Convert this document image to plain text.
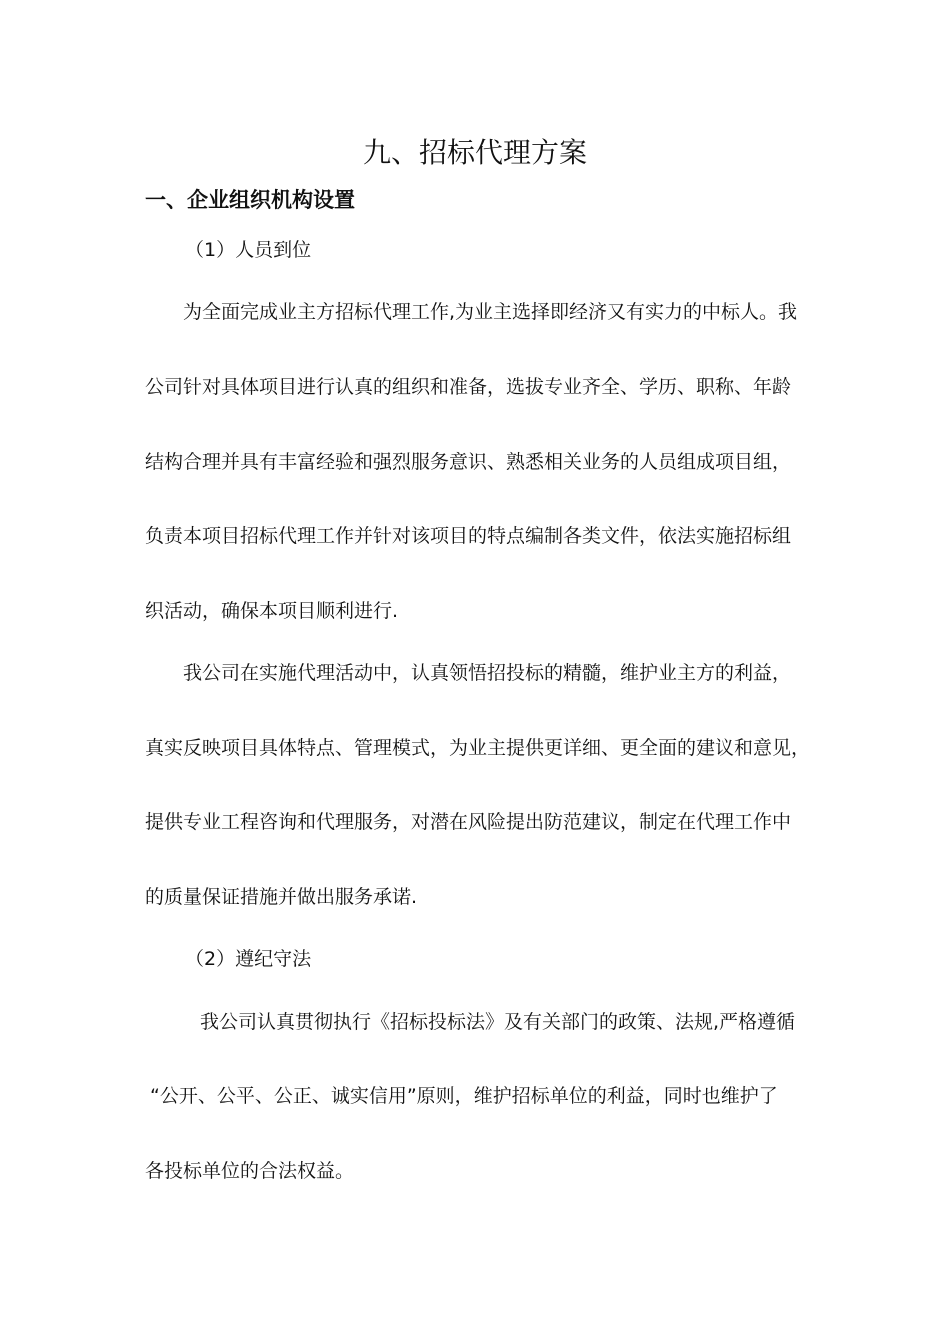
九、招标代理方案
一、企业组织机构设置
（1）人员到位
为全面完成业主方招标代理工作,为业主选择即经济又有实力的中标人。我
公司针对具体项目进行认真的组织和准备，选拔专业齐全、学历、职称、年龄
结构合理并具有丰富经验和强烈服务意识、熟悉相关业务的人员组成项目组，
负责本项目招标代理工作并针对该项目的特点编制各类文件，依法实施招标组
织活动，确保本项目顺利进行.
我公司在实施代理活动中，认真领悟招投标的精髓，维护业主方的利益，
真实反映项目具体特点、管理模式，为业主提供更详细、更全面的建议和意见，
提供专业工程咨询和代理服务，对潜在风险提出防范建议，制定在代理工作中
的质量保证措施并做出服务承诺.
（2）遵纪守法
我公司认真贯彻执行《招标投标法》及有关部门的政策、法规,严格遵循
“公开、公平、公正、诚实信用”原则，维护招标单位的利益，同时也维护了
各投标单位的合法权益。
